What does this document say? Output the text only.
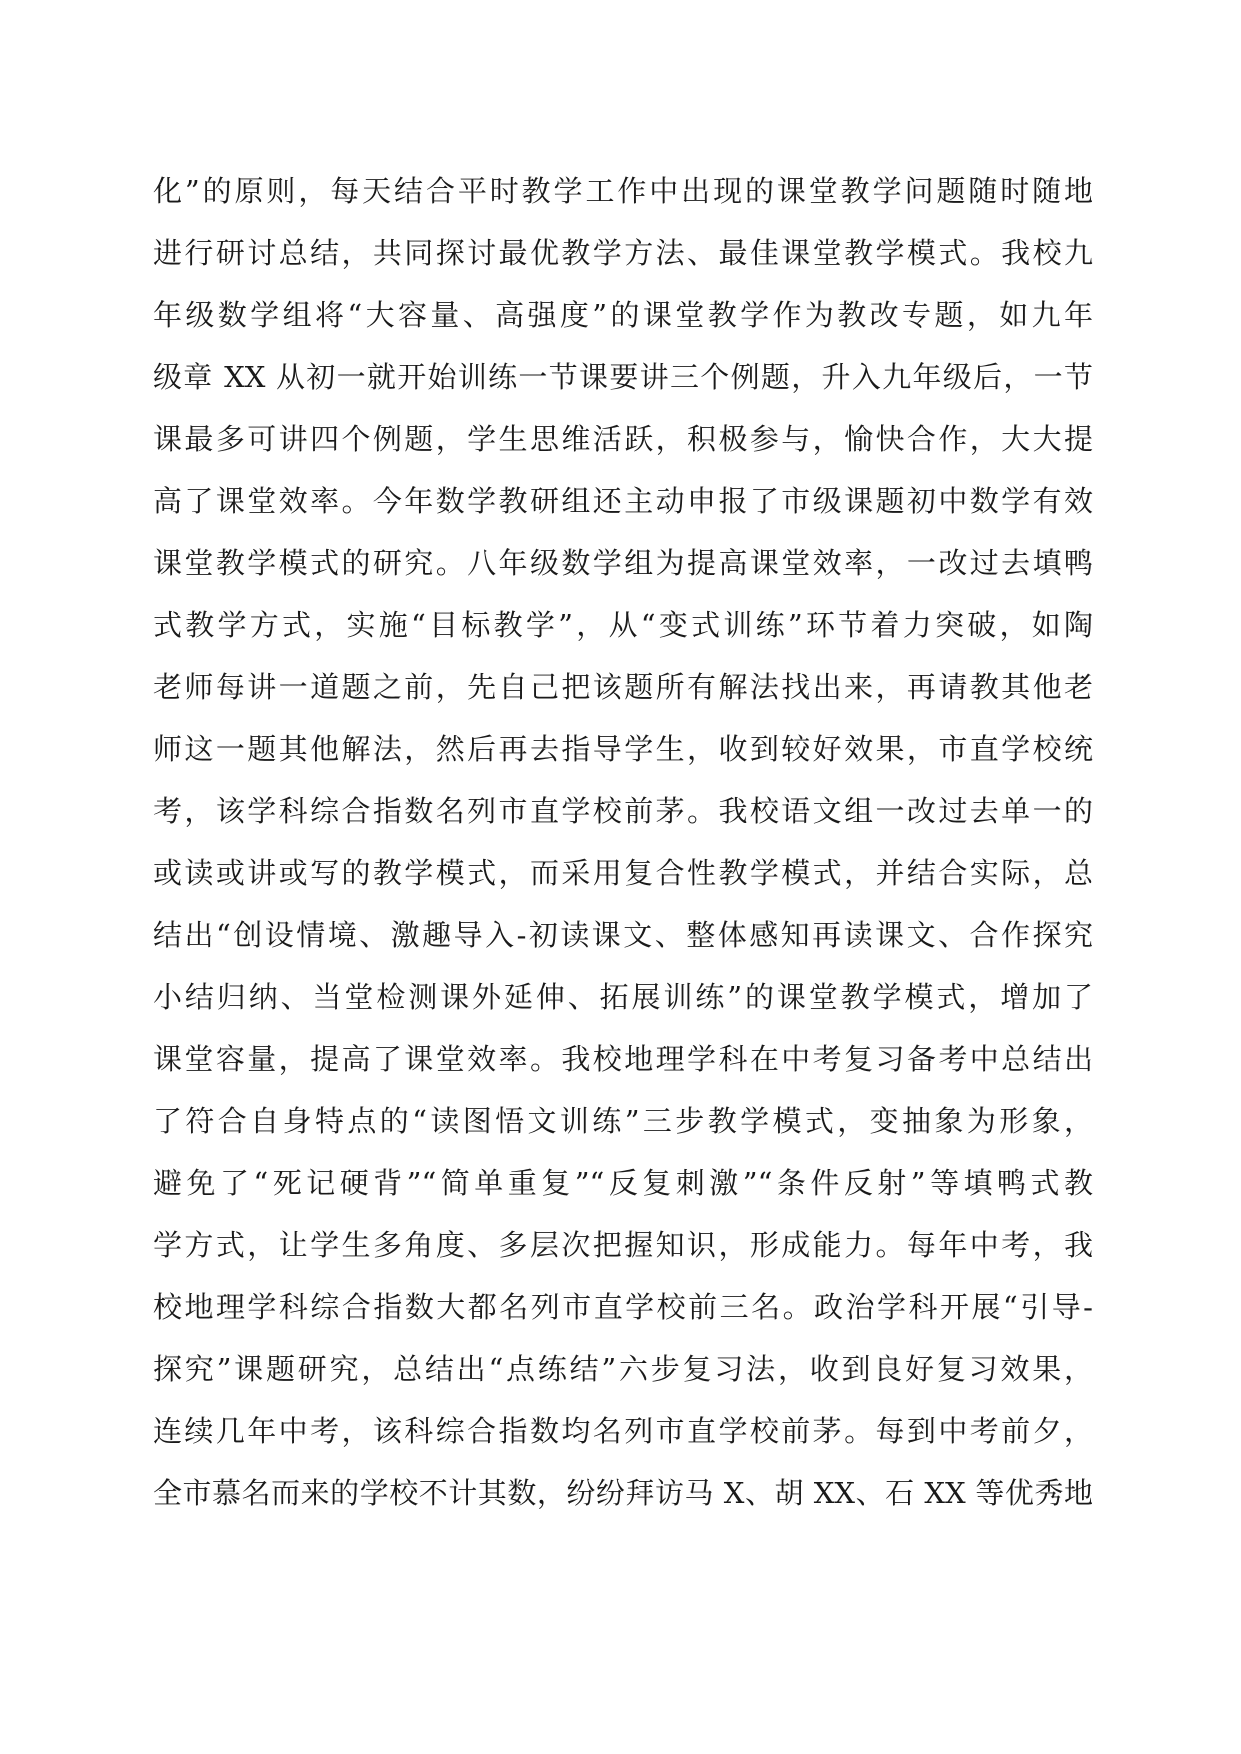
化”的原则，每天结合平时教学工作中出现的课堂教学问题随时随地
进行研讨总结，共同探讨最优教学方法、最佳课堂教学模式。我校九
年级数学组将“大容量、高强度”的课堂教学作为教改专题，如九年
级章 XX 从初一就开始训练一节课要讲三个例题，升入九年级后，一节
课最多可讲四个例题，学生思维活跃，积极参与，愉快合作，大大提
高了课堂效率。今年数学教研组还主动申报了市级课题初中数学有效
课堂教学模式的研究。八年级数学组为提高课堂效率，一改过去填鸭
式教学方式，实施“目标教学”，从“变式训练”环节着力突破，如陶
老师每讲一道题之前，先自己把该题所有解法找出来，再请教其他老
师这一题其他解法，然后再去指导学生，收到较好效果，市直学校统
考，该学科综合指数名列市直学校前茅。我校语文组一改过去单一的
或读或讲或写的教学模式，而采用复合性教学模式，并结合实际，总
结出“创设情境、激趣导入-初读课文、整体感知再读课文、合作探究
小结归纳、当堂检测课外延伸、拓展训练”的课堂教学模式，增加了
课堂容量，提高了课堂效率。我校地理学科在中考复习备考中总结出
了符合自身特点的“读图悟文训练”三步教学模式，变抽象为形象，
避免了“死记硬背”“简单重复”“反复刺激”“条件反射”等填鸭式教
学方式，让学生多角度、多层次把握知识，形成能力。每年中考，我
校地理学科综合指数大都名列市直学校前三名。政治学科开展“引导-
探究”课题研究，总结出“点练结”六步复习法，收到良好复习效果，
连续几年中考，该科综合指数均名列市直学校前茅。每到中考前夕，
全市慕名而来的学校不计其数，纷纷拜访马 X、胡 XX、石 XX 等优秀地
